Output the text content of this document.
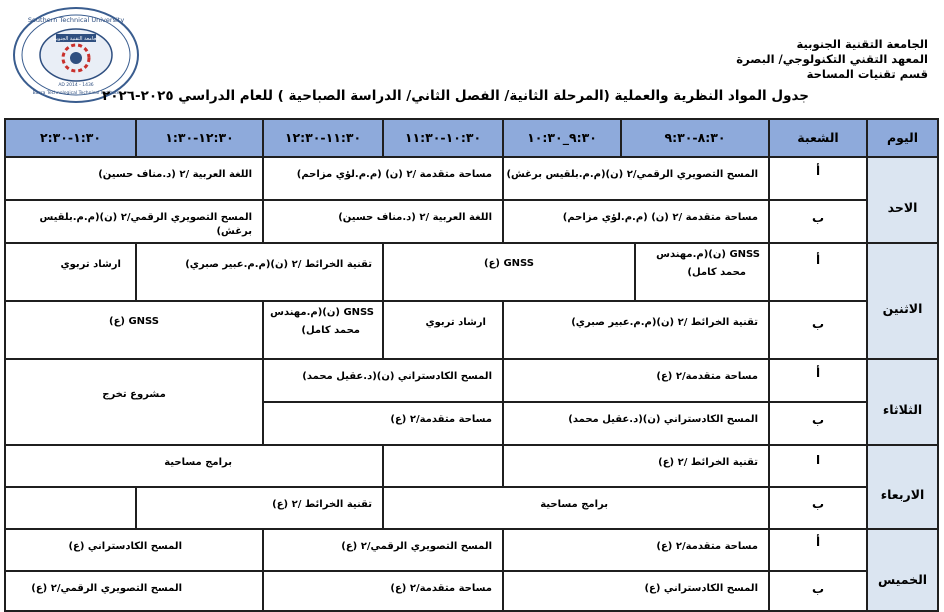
الجامعة التقنية الجنوبية
Southern Technical University
Basra Technological Technical Institute
AD 2014 - 1436
الجامعة التقنية الجنوبية
المعهد التقني التكنولوجي/ البصرة
قسم تقنيات المساحة
جدول المواد النظرية والعملية (المرحلة الثانية/ الفصل الثاني/ الدراسة الصباحية ) للعام الدراسي ٢٠٢٥-٢٠٢٦
اليوم
الشعبة
٨:٣٠-٩:٣٠
٩:٣٠_١٠:٣٠
١٠:٣٠-١١:٣٠
١١:٣٠-١٢:٣٠
١٢:٣٠-١:٣٠
١:٣٠-٢:٣٠
الاحد
الاثنين
الثلاثاء
الاربعاء
الخميس
أ
ب
أ
ب
أ
ب
ا
ب
أ
ب
المسح التصويري الرقمي/٢ (ن)(م.م.بلقيس برغش)
مساحة متقدمة /٢ (ن) (م.م.لؤي مزاحم)
اللغة العربية /٢ (د.مناف حسين)
مساحة متقدمة /٢ (ن) (م.م.لؤي مزاحم)
اللغة العربية /٢ (د.مناف حسين)
المسح التصويري الرقمي/٢ (ن)(م.م.بلقيس برغش)
GNSS (ن)(م.مهندس
محمد كامل)
GNSS (ع)
تقنية الخرائط /٢ (ن)(م.م.عبير صبري)
ارشاد تربوي
تقنية الخرائط /٢ (ن)(م.م.عبير صبري)
ارشاد تربوي
GNSS (ن)(م.مهندس
محمد كامل)
GNSS (ع)
مساحة متقدمة/٢ (ع)
المسح الكادستراني (ن)(د.عقيل محمد)
مشروع تخرج
المسح الكادستراني (ن)(د.عقيل محمد)
مساحة متقدمة/٢ (ع)
تقنية الخرائط /٢ (ع)
برامج مساحية
برامج مساحية
تقنية الخرائط /٢ (ع)
مساحة متقدمة/٢ (ع)
المسح التصويري الرقمي/٢ (ع)
المسح الكادستراني (ع)
المسح الكادستراني (ع)
مساحة متقدمة/٢ (ع)
المسح التصويري الرقمي/٢ (ع)
